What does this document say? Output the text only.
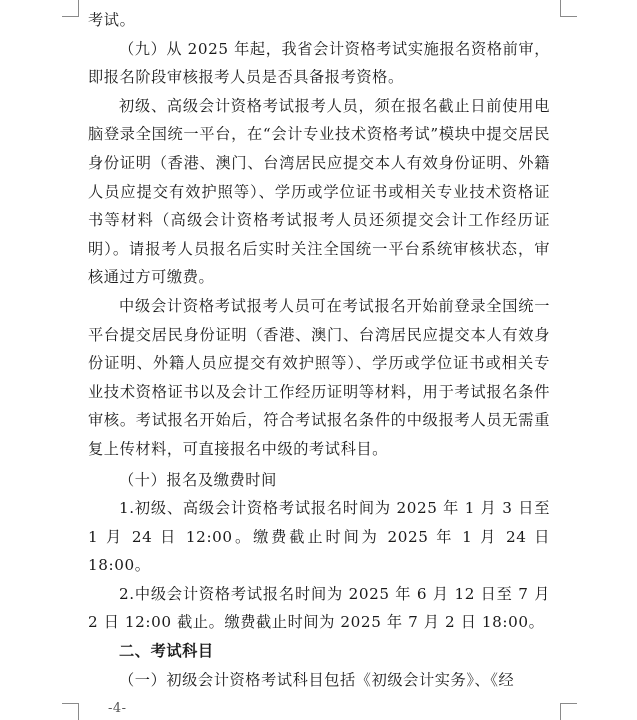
考试。

（九）从 2025 年起，我省会计资格考试实施报名资格前审，即报名阶段审核报考人员是否具备报考资格。

初级、高级会计资格考试报考人员，须在报名截止日前使用电脑登录全国统一平台，在“会计专业技术资格考试”模块中提交居民身份证明（香港、澳门、台湾居民应提交本人有效身份证明、外籍人员应提交有效护照等）、学历或学位证书或相关专业技术资格证书等材料（高级会计资格考试报考人员还须提交会计工作经历证明）。请报考人员报名后实时关注全国统一平台系统审核状态，审核通过方可缴费。

中级会计资格考试报考人员可在考试报名开始前登录全国统一平台提交居民身份证明（香港、澳门、台湾居民应提交本人有效身份证明、外籍人员应提交有效护照等）、学历或学位证书或相关专业技术资格证书以及会计工作经历证明等材料，用于考试报名条件审核。考试报名开始后，符合考试报名条件的中级报考人员无需重复上传材料，可直接报名中级的考试科目。

（十）报名及缴费时间

1.初级、高级会计资格考试报名时间为 2025 年 1 月 3 日至 1 月 24 日 12:00。缴费截止时间为 2025 年 1 月 24 日 18:00。

2.中级会计资格考试报名时间为 2025 年 6 月 12 日至 7 月 2 日 12:00 截止。缴费截止时间为 2025 年 7 月 2 日 18:00。

二、考试科目

（一）初级会计资格考试科目包括《初级会计实务》、《经

-4-
